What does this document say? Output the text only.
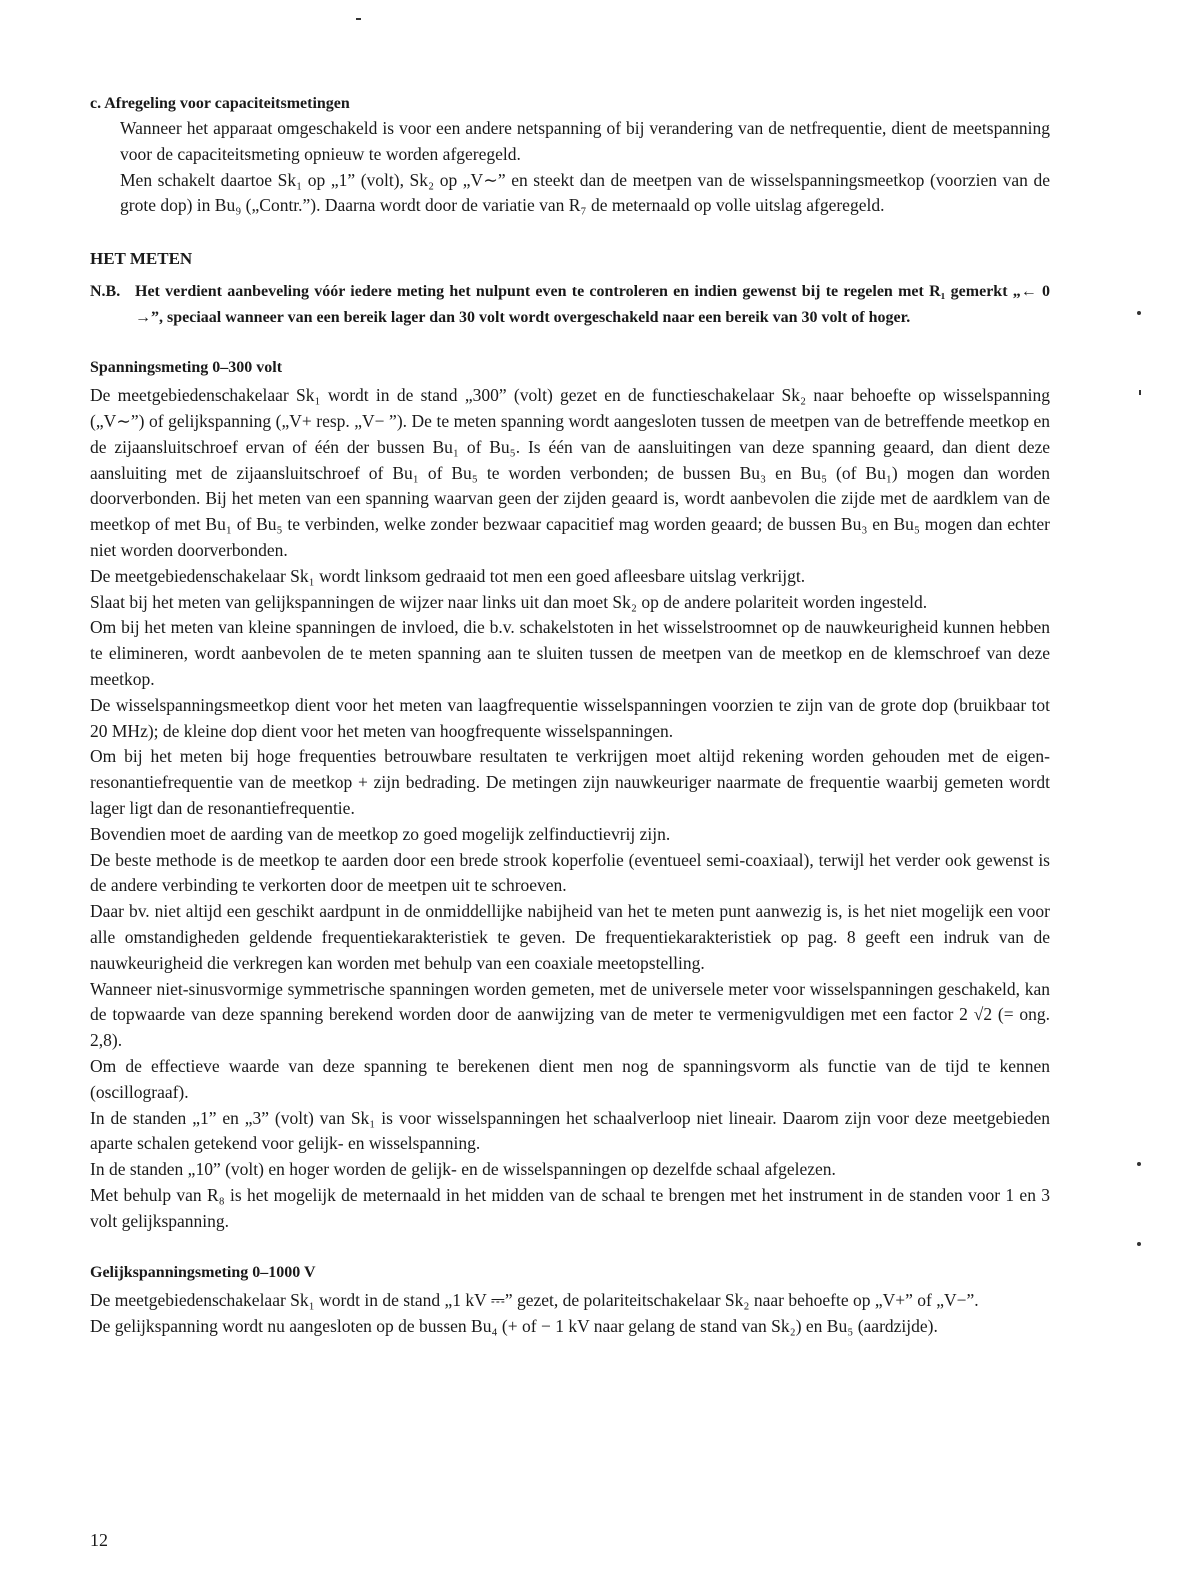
c. Afregeling voor capaciteitsmetingen

Wanneer het apparaat omgeschakeld is voor een andere netspanning of bij verandering van de netfrequentie, dient de meetspanning voor de capaciteitsmeting opnieuw te worden afgeregeld.

Men schakelt daartoe Sk₁ op „1” (volt), Sk₂ op „V∼” en steekt dan de meetpen van de wisselspanningsmeetkop (voorzien van de grote dop) in Bu₉ („Contr.”). Daarna wordt door de variatie van R₇ de meternaald op volle uitslag afgeregeld.

HET METEN
N.B. Het verdient aanbeveling vóór iedere meting het nulpunt even te controleren en indien gewenst bij te regelen met R₁ gemerkt „← 0 →”, speciaal wanneer van een bereik lager dan 30 volt wordt overgeschakeld naar een bereik van 30 volt of hoger.
Spanningsmeting 0–300 volt

De meetgebiedenschakelaar Sk₁ wordt in de stand „300” (volt) gezet en de functieschakelaar Sk₂ naar behoefte op wisselspanning („V∼”) of gelijkspanning („V+ resp. „V− ”). De te meten spanning wordt aangesloten tussen de meetpen van de betreffende meetkop en de zijaansluitschroef ervan of één der bussen Bu₁ of Bu₅. Is één van de aansluitingen van deze spanning geaard, dan dient deze aansluiting met de zijaansluitschroef of Bu₁ of Bu₅ te worden verbonden; de bussen Bu₃ en Bu₅ (of Bu₁) mogen dan worden doorverbonden. Bij het meten van een spanning waarvan geen der zijden geaard is, wordt aanbevolen die zijde met de aardklem van de meetkop of met Bu₁ of Bu₅ te verbinden, welke zonder bezwaar capacitief mag worden geaard; de bussen Bu₃ en Bu₅ mogen dan echter niet worden doorverbonden.

De meetgebiedenschakelaar Sk₁ wordt linksom gedraaid tot men een goed afleesbare uitslag verkrijgt.

Slaat bij het meten van gelijkspanningen de wijzer naar links uit dan moet Sk₂ op de andere polariteit worden ingesteld.

Om bij het meten van kleine spanningen de invloed, die b.v. schakelstoten in het wisselstroomnet op de nauwkeurigheid kunnen hebben te elimineren, wordt aanbevolen de te meten spanning aan te sluiten tussen de meetpen van de meetkop en de klemschroef van deze meetkop.

De wisselspanningsmeetkop dient voor het meten van laagfrequentie wisselspanningen voorzien te zijn van de grote dop (bruikbaar tot 20 MHz); de kleine dop dient voor het meten van hoogfrequente wisselspanningen.

Om bij het meten bij hoge frequenties betrouwbare resultaten te verkrijgen moet altijd rekening worden gehouden met de eigen-resonantiefrequentie van de meetkop + zijn bedrading. De metingen zijn nauwkeuriger naarmate de frequentie waarbij gemeten wordt lager ligt dan de resonantiefrequentie.

Bovendien moet de aarding van de meetkop zo goed mogelijk zelfinductievrij zijn.

De beste methode is de meetkop te aarden door een brede strook koperfolie (eventueel semi-coaxiaal), terwijl het verder ook gewenst is de andere verbinding te verkorten door de meetpen uit te schroeven.

Daar bv. niet altijd een geschikt aardpunt in de onmiddellijke nabijheid van het te meten punt aanwezig is, is het niet mogelijk een voor alle omstandigheden geldende frequentiekarakteristiek te geven. De frequentiekarakteristiek op pag. 8 geeft een indruk van de nauwkeurigheid die verkregen kan worden met behulp van een coaxiale meetopstelling.

Wanneer niet-sinusvormige symmetrische spanningen worden gemeten, met de universele meter voor wisselspanningen geschakeld, kan de topwaarde van deze spanning berekend worden door de aanwijzing van de meter te vermenigvuldigen met een factor 2 √2 (= ong. 2,8).

Om de effectieve waarde van deze spanning te berekenen dient men nog de spanningsvorm als functie van de tijd te kennen (oscillograaf).

In de standen „1” en „3” (volt) van Sk₁ is voor wisselspanningen het schaalverloop niet lineair. Daarom zijn voor deze meetgebieden aparte schalen getekend voor gelijk- en wisselspanning.

In de standen „10” (volt) en hoger worden de gelijk- en de wisselspanningen op dezelfde schaal afgelezen.

Met behulp van R₈ is het mogelijk de meternaald in het midden van de schaal te brengen met het instrument in de standen voor 1 en 3 volt gelijkspanning.

Gelijkspanningsmeting 0–1000 V

De meetgebiedenschakelaar Sk₁ wordt in de stand „1 kV ⎓” gezet, de polariteitschakelaar Sk₂ naar behoefte op „V+” of „V−”.

De gelijkspanning wordt nu aangesloten op de bussen Bu₄ (+ of − 1 kV naar gelang de stand van Sk₂) en Bu₅ (aardzijde).

12
